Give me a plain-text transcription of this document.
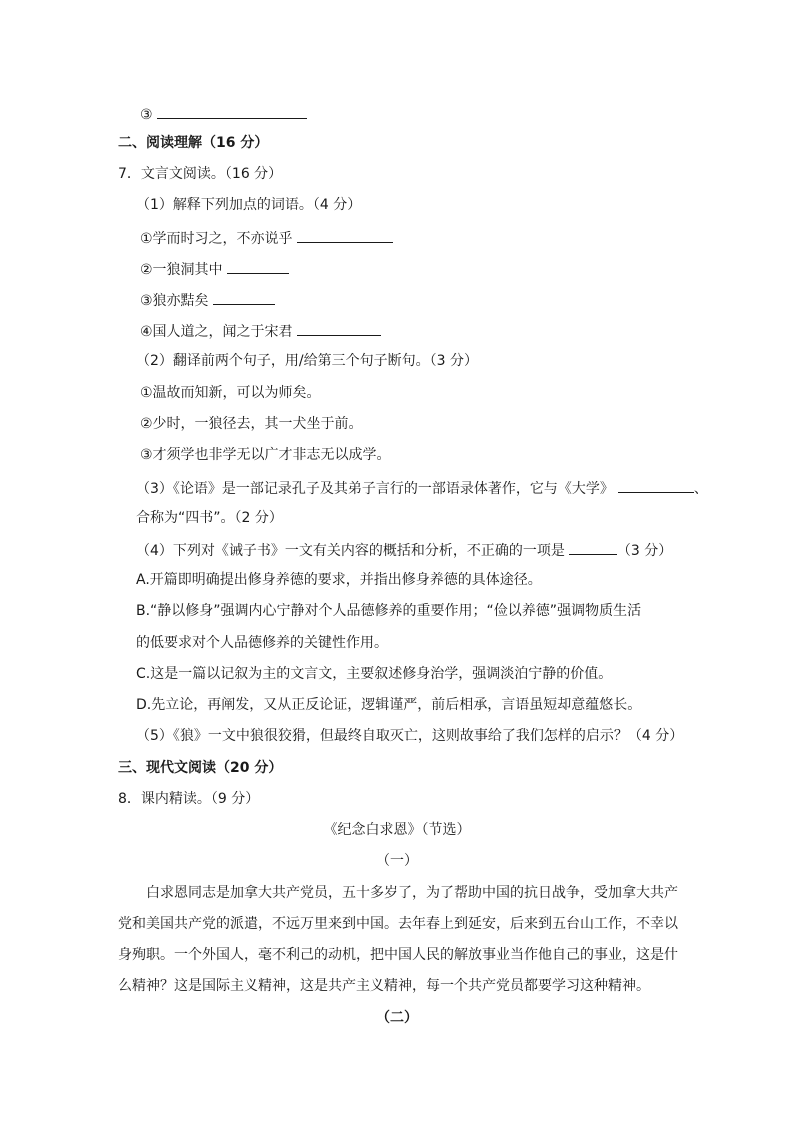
③
二、阅读理解（16 分）
7．文言文阅读。（16 分）
（1）解释下列加点的词语。（4 分）
①学而时习之，不亦说乎
②一狼洞其中
③狼亦黠矣
④国人道之，闻之于宋君
（2）翻译前两个句子，用/给第三个句子断句。（3 分）
①温故而知新，可以为师矣。
②少时，一狼径去，其一犬坐于前。
③才须学也非学无以广才非志无以成学。
（3）《论语》是一部记录孔子及其弟子言行的一部语录体著作，它与《大学》	、
合称为“四书”。（2 分）
（4）下列对《诫子书》一文有关内容的概括和分析，不正确的一项是	（3 分）
A.开篇即明确提出修身养德的要求，并指出修身养德的具体途径。
B.“静以修身”强调内心宁静对个人品德修养的重要作用；“俭以养德”强调物质生活
的低要求对个人品德修养的关键性作用。
C.这是一篇以记叙为主的文言文，主要叙述修身治学，强调淡泊宁静的价值。
D.先立论，再阐发，又从正反论证，逻辑谨严，前后相承，言语虽短却意蕴悠长。
（5）《狼》一文中狼很狡猾，但最终自取灭亡，这则故事给了我们怎样的启示？（4 分）
三、现代文阅读（20 分）
8．课内精读。（9 分）
《纪念白求恩》（节选）
（一）
白求恩同志是加拿大共产党员，五十多岁了，为了帮助中国的抗日战争，受加拿大共产
党和美国共产党的派遣，不远万里来到中国。去年春上到延安，后来到五台山工作，不幸以
身殉职。一个外国人，毫不利己的动机，把中国人民的解放事业当作他自己的事业，这是什
么精神？这是国际主义精神，这是共产主义精神，每一个共产党员都要学习这种精神。
（二）
